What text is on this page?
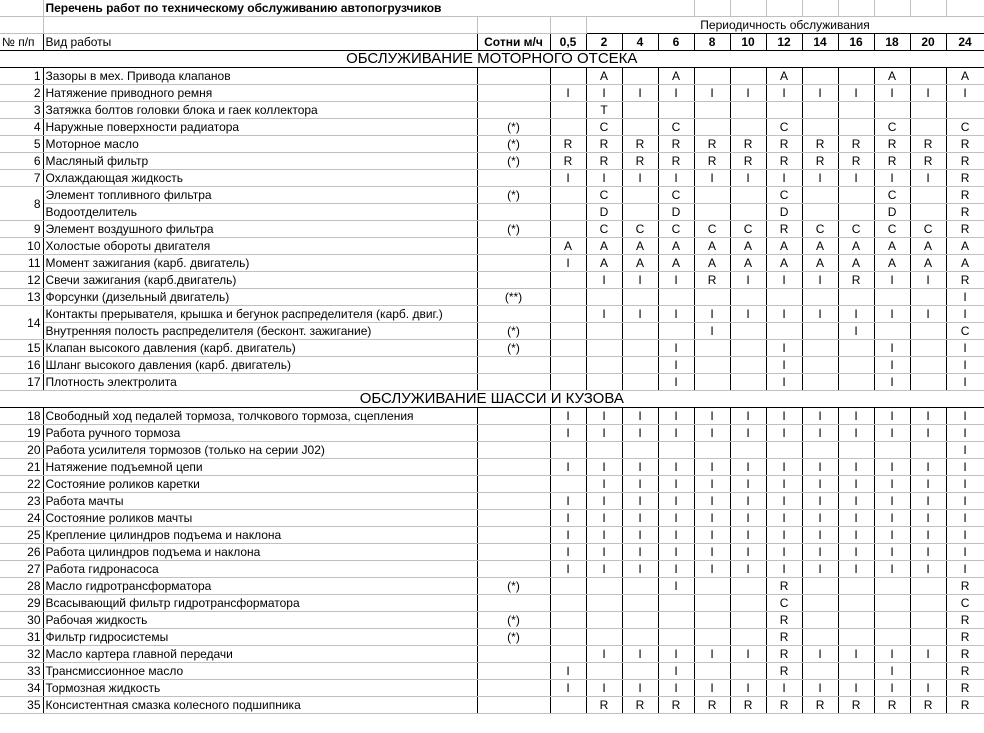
	Перечень работ по техническому обслуживанию автопогрузчиков													
				Периодичность обслуживания										
№ п/п	Вид работы	Сотни м/ч	0,5	2	4	6	8	10	12	14	16	18	20	24
ОБСЛУЖИВАНИЕ МОТОРНОГО ОТСЕКА														
1	Зазоры в мех. Привода клапанов			A		A			A			A		A
2	Натяжение приводного ремня		I	I	I	I	I	I	I	I	I	I	I	I
3	Затяжка болтов головки блока и гаек коллектора			T										
4	Наружные поверхности радиатора	(*)		C		C			C			C		C
5	Моторное масло	(*)	R	R	R	R	R	R	R	R	R	R	R	R
6	Масляный фильтр	(*)	R	R	R	R	R	R	R	R	R	R	R	R
7	Охлаждающая жидкость		I	I	I	I	I	I	I	I	I	I	I	R
8	Элемент топливного фильтра	(*)		C		C			C			C		R
	Водоотделитель			D		D			D			D		R
9	Элемент воздушного фильтра	(*)		C	C	C	C	C	R	C	C	C	C	R
10	Холостые обороты двигателя		A	A	A	A	A	A	A	A	A	A	A	A
11	Момент зажигания (карб. двигатель)		I	A	A	A	A	A	A	A	A	A	A	A
12	Свечи зажигания (карб.двигатель)			I	I	I	R	I	I	I	R	I	I	R
13	Форсунки (дизельный двигатель)	(**)												I
14	Контакты прерывателя, крышка и бегунок распределителя (карб. двиг.)			I	I	I	I	I	I	I	I	I	I	I
	Внутренняя полость распределителя (бесконт. зажигание)	(*)					I				I			C
15	Клапан высокого давления (карб. двигатель)	(*)				I			I			I		I
16	Шланг высокого давления (карб. двигатель)					I			I			I		I
17	Плотность электролита					I			I			I		I
ОБСЛУЖИВАНИЕ ШАССИ И КУЗОВА														
18	Свободный ход педалей тормоза, толчкового тормоза, сцепления		I	I	I	I	I	I	I	I	I	I	I	I
19	Работа ручного тормоза		I	I	I	I	I	I	I	I	I	I	I	I
20	Работа усилителя тормозов (только на серии J02)													I
21	Натяжение подъемной цепи		I	I	I	I	I	I	I	I	I	I	I	I
22	Состояние роликов каретки			I	I	I	I	I	I	I	I	I	I	I
23	Работа мачты		I	I	I	I	I	I	I	I	I	I	I	I
24	Состояние роликов мачты		I	I	I	I	I	I	I	I	I	I	I	I
25	Крепление цилиндров подъема и наклона		I	I	I	I	I	I	I	I	I	I	I	I
26	Работа цилиндров подъема и наклона		I	I	I	I	I	I	I	I	I	I	I	I
27	Работа гидронасоса		I	I	I	I	I	I	I	I	I	I	I	I
28	Масло гидротрансформатора	(*)				I			R					R
29	Всасывающий фильтр гидротрансформатора								C					C
30	Рабочая жидкость	(*)							R					R
31	Фильтр гидросистемы	(*)							R					R
32	Масло картера главной передачи			I	I	I	I	I	R	I	I	I	I	R
33	Трансмиссионное масло		I			I			R			I		R
34	Тормозная жидкость		I	I	I	I	I	I	I	I	I	I	I	R
35	Консистентная смазка колесного подшипника			R	R	R	R	R	R	R	R	R	R	R
